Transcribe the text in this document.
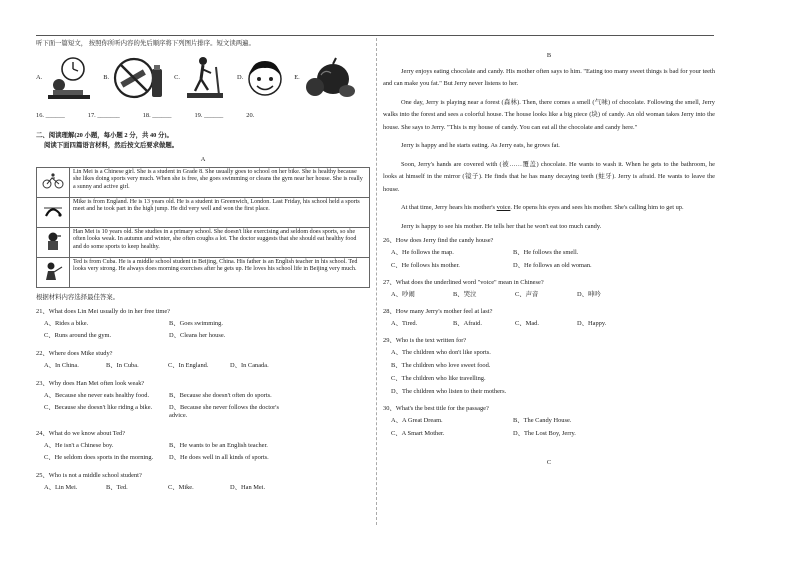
听下面一篇短文， 按照你所听内容的先后顺序将下列图片排序。短文读两遍。

A.	B.	C.	D.	E.
16. ______	17. _______	18. ______	19. ______	20.

二、阅读理解(20 小题，每小题 2 分，共 40 分)。

阅读下面四篇语言材料，然后按文后要求做题。

A

	Lin Mei is a Chinese girl. She is a student in Grade 8. She usually goes to school on her bike. She is healthy because she likes doing sports very much. When she is free, she goes swimming or cleans the gym near her house. She is really a sunny and active girl.
	Mike is from England. He is 13 years old. He is a student in Greenwich, London. Last Friday, his school held a sports meet and he took part in the high jump. He did very well and won the first place.
	Han Mei is 10 years old. She studies in a primary school. She doesn't like exercising and seldom does sports, so she often looks weak. In autumn and winter, she often coughs a lot. The doctor suggests that she should eat healthy food and do some sports to keep healthy.
	Ted is from Cuba. He is a middle school student in Beijing, China. His father is an English teacher in his school. Ted looks very strong. He always does morning exercises after he gets up. He loves his school life in Beijing very much.

根据材料内容选择最佳答案。

21、What does Lin Mei usually do in her free time?

A、Rides a bike.	B、Goes swimming.
C、Runs around the gym.	D、Cleans her house.

22、Where does Mike study?

A、In China.	B、In Cuba.	C、In England.	D、In Canada.

23、Why does Han Mei often look weak?

A、Because she never eats healthy food.	B、Because she doesn't often do sports.
C、Because she doesn't like riding a bike.	D、Because she never follows the doctor's advice.

24、What do we know about Ted?

A、He isn't a Chinese boy.	B、He wants to be an English teacher.
C、He seldom does sports in the morning.	D、He does well in all kinds of sports.

25、Who is not a middle school student?

A、Lin Mei.	B、Ted.	C、Mike.	D、Han Mei.

B

Jerry enjoys eating chocolate and candy. His mother often says to him. "Eating too many sweet things is bad for your teeth and can make you fat." But Jerry never listens to her.

One day, Jerry is playing near a forest (森林). Then, there comes a smell (气味) of chocolate. Following the smell, Jerry walks into the forest and sees a colorful house. The house looks like a big piece (块) of candy. An old woman takes Jerry into the house. She says to Jerry. "This is my house of candy. You can eat all the chocolate and candy here."

Jerry is happy and he starts eating. As Jerry eats, he grows fat.

Soon, Jerry's hands are covered with (被……覆盖) chocolate. He wants to wash it. When he gets to the bathroom, he looks at himself in the mirror (镜子). He finds that he has many decaying teeth (蛀牙). Jerry is afraid. He wants to leave the house.

At that time, Jerry hears his mother's voice. He opens his eyes and sees his mother. She's calling him to get up.

Jerry is happy to see his mother. He tells her that he won't eat too much candy.

26、How does Jerry find the candy house?

A、He follows the map.	B、He follows the smell.
C、He follows his mother.	D、He follows an old woman.

27、What does the underlined word "voice" mean in Chinese?

A、吵闹	B、哭泣	C、声音	D、呻吟

28、How many Jerry's mother feel at last?

A、Tired.	B、Afraid.	C、Mad.	D、Happy.

29、Who is the text written for?

A、The children who don't like sports.
B、The children who love sweet food.
C、The children who like travelling.
D、The children who listen to their mothers.

30、What's the best title for the passage?

A、A Great Dream.	B、The Candy House.
C、A Smart Mother.	D、The Lost Boy, Jerry.

C
